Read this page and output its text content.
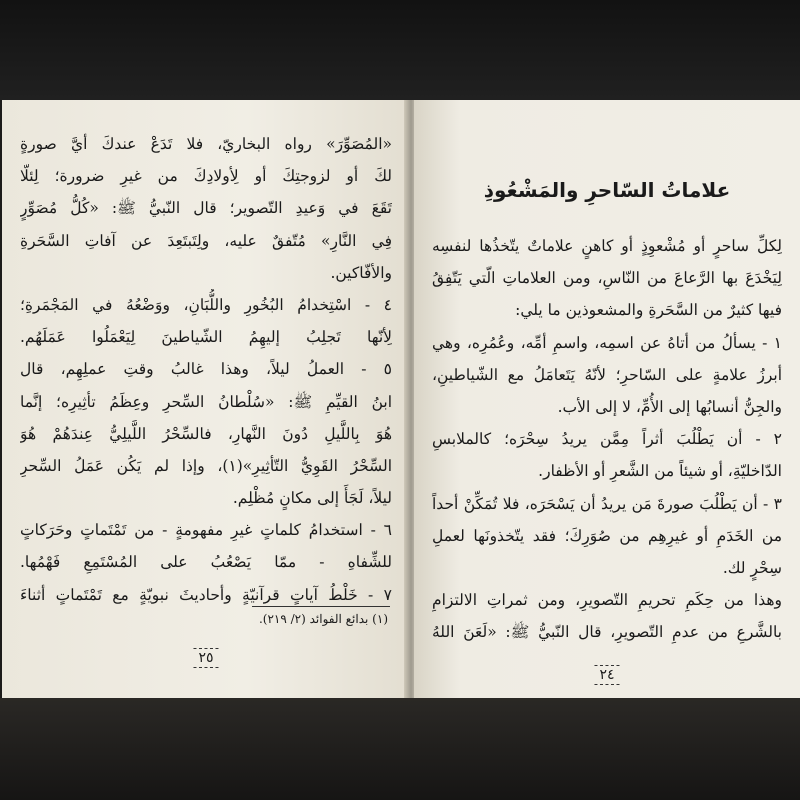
«المُصَوِّرَ» رواه البخاريّ، فلا تَدَعْ عندكَ أيَّ صورةٍ
لكَ أو لزوجتِكَ أو لِأولادِكَ من غيرِ ضرورة؛ لِئلّا
تَقَعَ في وَعيدِ التّصوير؛ قال النّبيُّ ﷺ: «كُلُّ مُصَوِّرٍ
فِي النَّارِ» مُتّفقٌ عليه، ولِتَبتَعِدَ عن آفاتِ السَّحَرةِ
والأفّاكين.
٤ - اسْتِخدامُ البُخُورِ واللُّبَانِ، ووَضْعُهُ في المَجْمَرةِ؛
لِأنّها تَجلِبُ إليهِمُ الشّياطينَ لِيَعْمَلُوا عَمَلَهُم.
٥ - العملُ ليلاً، وهذا غالبُ وقتِ عملِهِم، قال
ابنُ القيِّمِ ﷺ: «سُلْطانُ السِّحرِ وعِظَمُ تأثِيرِه؛ إنَّما
هُوَ بِاللَّيلِ دُونَ النَّهارِ، فالسِّحْرُ اللَّيلِيُّ عِندَهُمْ هُوَ
السِّحْرُ القَوِيُّ التّأثِيرِ»(١)، وإذا لم يَكُن عَمَلُ السِّحرِ
ليلاً، لَجَأَ إلى مكانٍ مُظْلِم.
٦ - استخدامُ كلماتٍ غيرِ مفهومةٍ - من تَمْتَماتٍ وحَرَكاتٍ
للشِّفاهِ - ممّا يَصْعُبُ على المُسْتَمِعِ فَهْمُها.
٧ - خَلْطُ آياتٍ قرآنيّةٍ وأحاديثَ نبويّةٍ مع تَمْتَماتٍ أثناءَ
(١) بدائع الفوائد (٢/ ٢١٩).
٢٥
علاماتُ السّاحرِ والمَشْعُوذِ
لِكلِّ ساحرٍ أو مُشْعوِذٍ أو كاهنٍ علاماتٌ يتّخذُها لنفسِه
لِيَخْدَعَ بها الرَّعاعَ من النّاسِ، ومن العلاماتِ الّتي يَتّفِقُ
فيها كثيرٌ من السَّحَرةِ والمشعوذين ما يلي:
١ - يسألُ من أتاهُ عن اسمِه، واسمِ أمِّه، وعُمُرِه، وهي
أبرزُ علامةٍ على السّاحرِ؛ لأنّهُ يَتَعامَلُ مع الشّياطينِ،
والجِنُّ أنسابُها إلى الأُمِّ، لا إلى الأب.
٢ - أن يَطْلُبَ أثراً مِمَّن يريدُ سِحْرَه؛ كالملابسِ
الدّاخليّةِ، أو شيئاً من الشَّعرِ أو الأظفار.
٣ - أن يَطْلُبَ صورةَ مَن يريدُ أن يَسْحَرَه، فلا تُمَكِّنْ أحداً
من الخَدَمِ أو غيرِهِم من صُوَرِكَ؛ فقد يتّخذونَها لعملِ
سِحْرٍ لك.
وهذا من حِكَمِ تحريمِ التّصويرِ، ومن ثمراتِ الالتزامِ
بالشَّرعِ من عدمِ التّصويرِ، قال النّبيُّ ﷺ: «لَعَنَ اللهُ
٢٤
